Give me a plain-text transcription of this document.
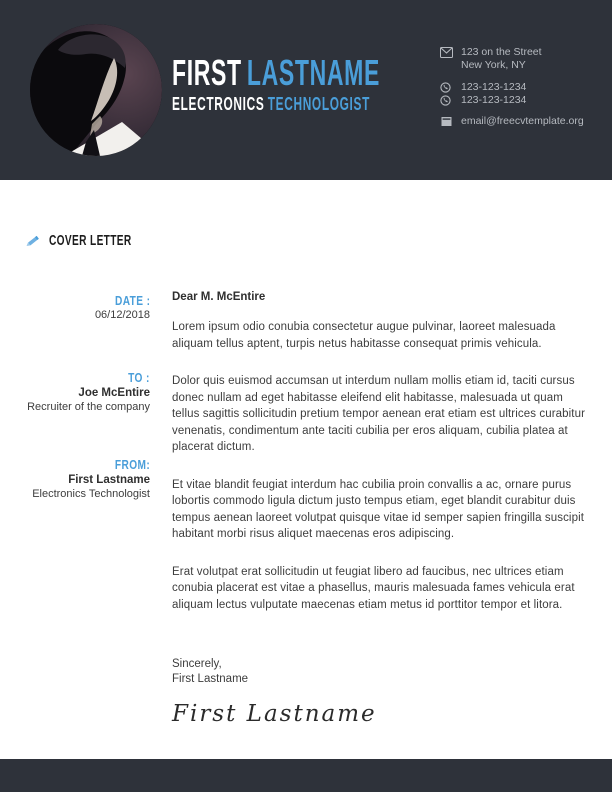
FIRST LASTNAME
ELECTRONICS TECHNOLOGIST
123 on the Street
New York, NY
123-123-1234
123-123-1234
email@freecvtemplate.org
COVER LETTER
DATE :
06/12/2018
TO :
Joe McEntire
Recruiter of the company
FROM:
First Lastname
Electronics Technologist

Dear M. McEntire

Lorem ipsum odio conubia consectetur augue pulvinar, laoreet malesuada aliquam tellus aptent, turpis netus habitasse consequat primis vehicula.

Dolor quis euismod accumsan ut interdum nullam mollis etiam id, taciti cursus donec nullam ad eget habitasse eleifend elit habitasse, malesuada ut quam tellus sagittis sollicitudin pretium tempor aenean erat etiam est ultrices curabitur venenatis, condimentum ante taciti cubilia per eros aliquam, cubilia platea at placerat dictum.

Et vitae blandit feugiat interdum hac cubilia proin convallis a ac, ornare purus lobortis commodo ligula dictum justo tempus etiam, eget blandit curabitur duis tempus aenean laoreet volutpat quisque vitae id semper sapien fringilla suscipit habitant morbi risus aliquet maecenas eros adipiscing.

Erat volutpat erat sollicitudin ut feugiat libero ad faucibus, nec ultrices etiam conubia placerat est vitae a phasellus, mauris malesuada fames vehicula erat aliquam lectus vulputate maecenas etiam metus id porttitor tempor et litora.

Sincerely,
First Lastname
First Lastname
